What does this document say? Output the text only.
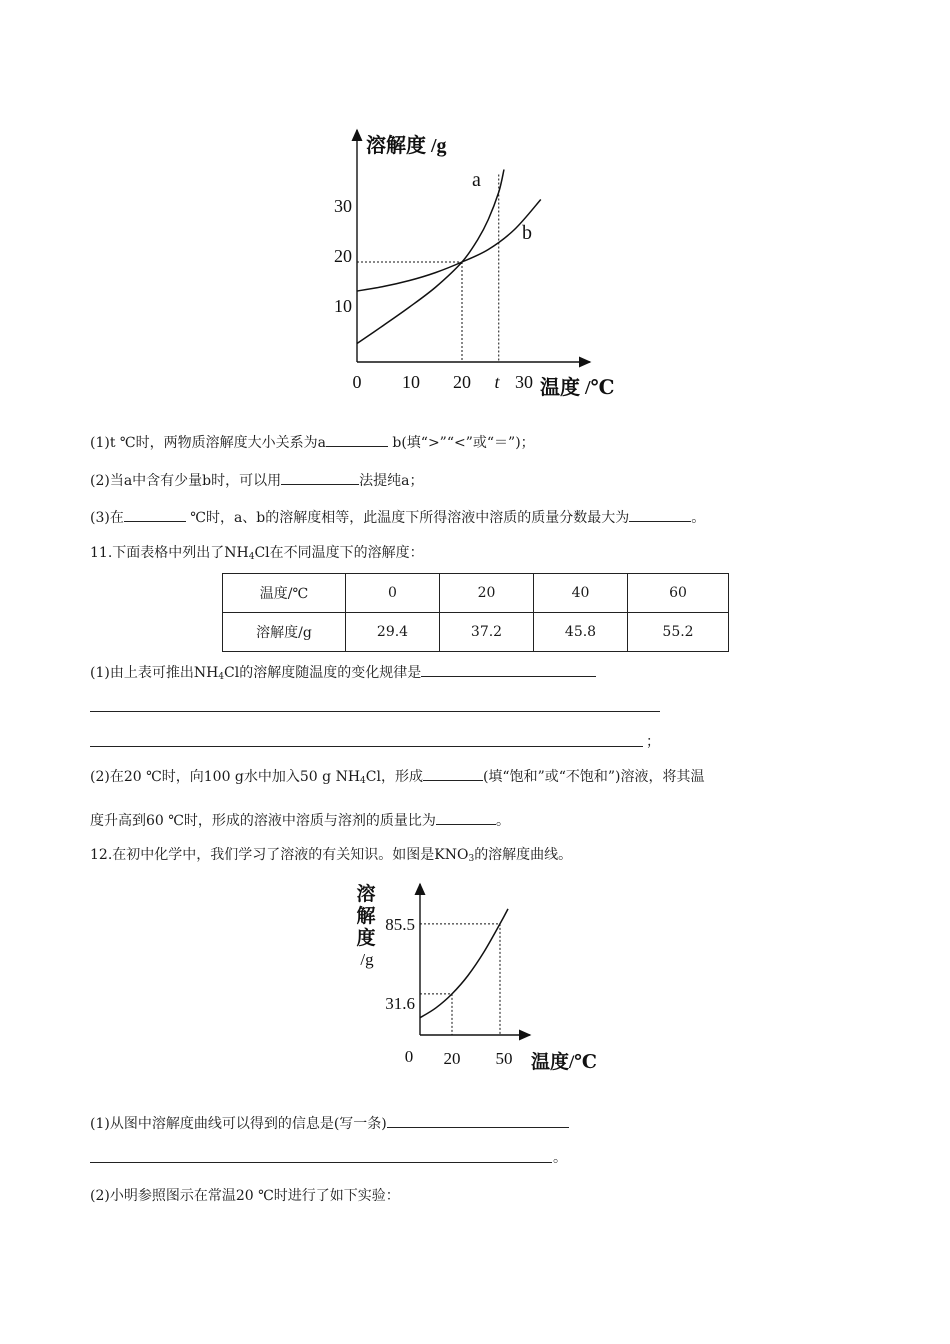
溶解度 /g
温度 /℃
10
20
30
0 10 20 t 30
a
b
(1)t ℃时，两物质溶解度大小关系为a	b(填“>”“<”或“＝”)；
(2)当a中含有少量b时，可以用	法提纯a；
(3)在	℃时，a、b的溶解度相等，此温度下所得溶液中溶质的质量分数最大为	。
11.下面表格中列出了$NH_4Cl$在不同温度下的溶解度：
温度/℃	0	20	40	60
溶解度/g	29.4	37.2	45.8	55.2
(1)由上表可推出$NH_4Cl$的溶解度随温度的变化规律是
；
(2)在20 ℃时，向100 g水中加入50 g $NH_4Cl$，形成	(填“饱和”或“不饱和”)溶液，将其温
度升高到60 ℃时，形成的溶液中溶质与溶剂的质量比为	。
12.在初中化学中，我们学习了溶液的有关知识。如图是$KNO_3$的溶解度曲线。
溶
解
度
/g
85.5
31.6
0 20 50 温度/℃
(1)从图中溶解度曲线可以得到的信息是(写一条)
。
(2)小明参照图示在常温20 ℃时进行了如下实验：
